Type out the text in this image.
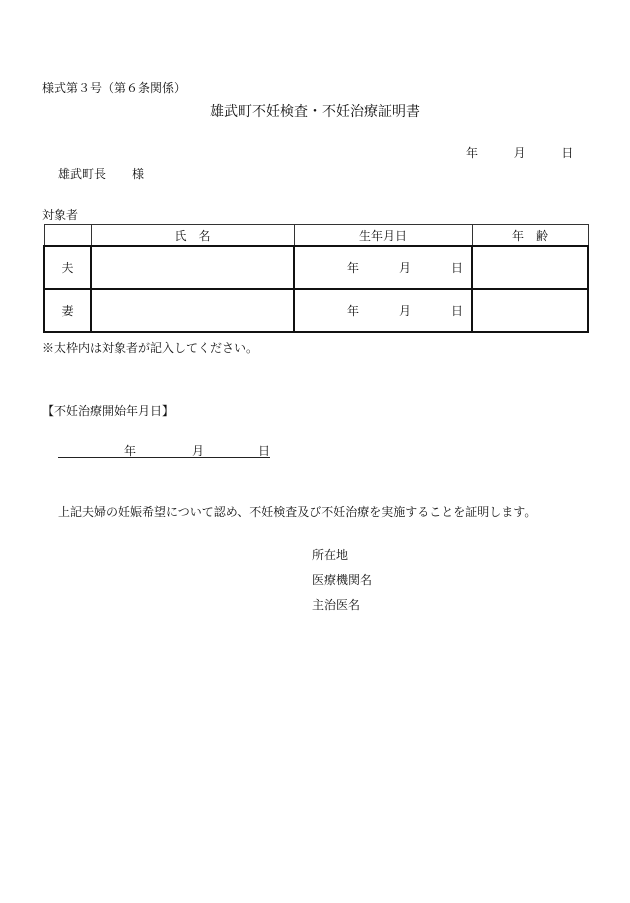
様式第３号（第６条関係）
雄武町不妊検査・不妊治療証明書
年	月	日
雄武町長 様
対象者
	氏　名	生年月日	年　齢
夫		年 月 日	
妻		年 月 日	
※太枠内は対象者が記入してください。
【不妊治療開始年月日】
年	月	日
上記夫婦の妊娠希望について認め、不妊検査及び不妊治療を実施することを証明します。
所在地
医療機関名
主治医名
